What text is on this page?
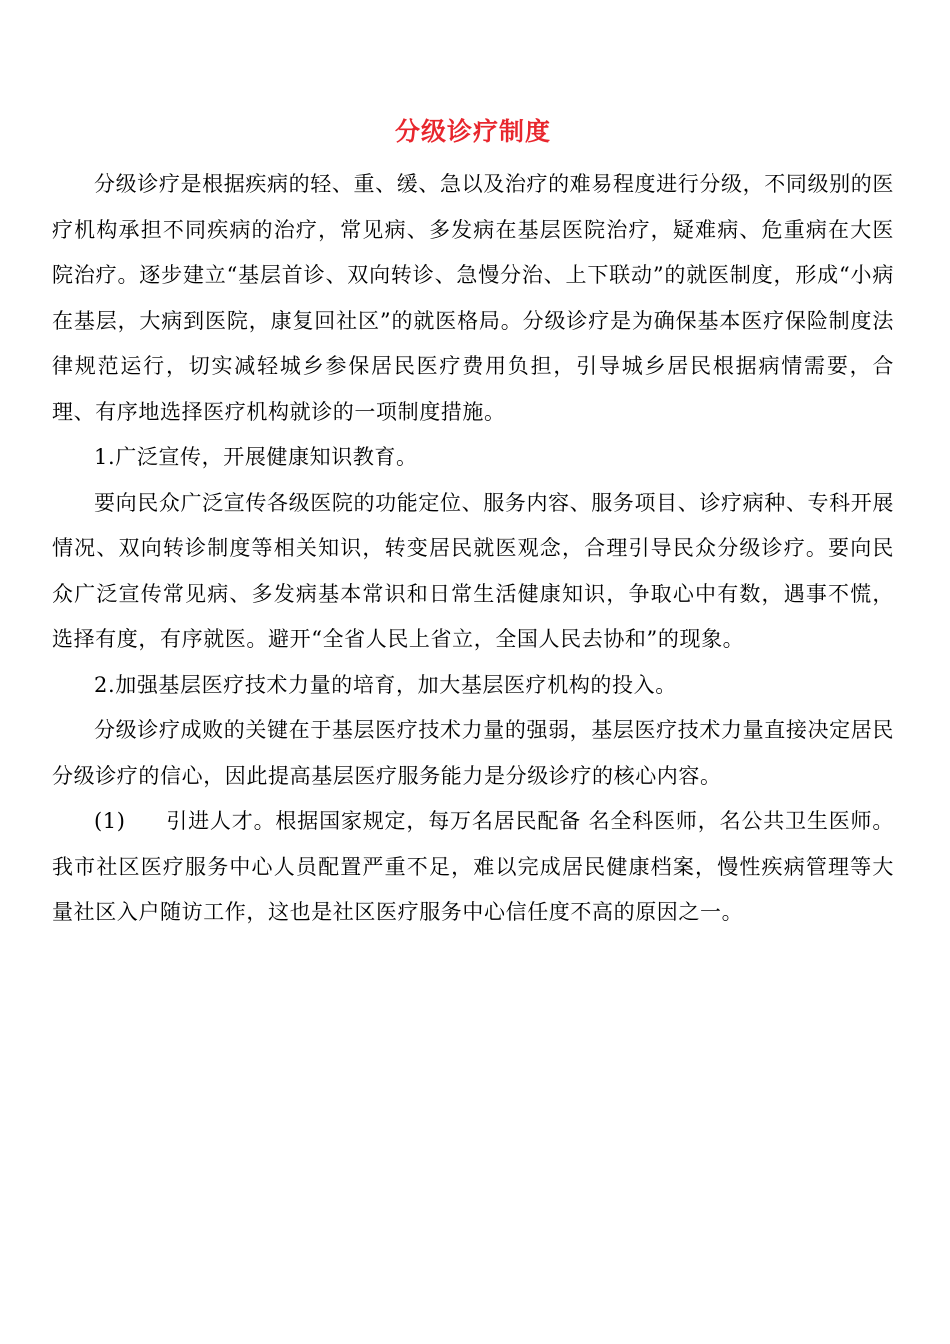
分级诊疗制度

分级诊疗是根据疾病的轻、重、缓、急以及治疗的难易程度进行分级，不同级别的医疗机构承担不同疾病的治疗，常见病、多发病在基层医院治疗，疑难病、危重病在大医院治疗。逐步建立“基层首诊、双向转诊、急慢分治、上下联动”的就医制度，形成“小病在基层，大病到医院，康复回社区”的就医格局。分级诊疗是为确保基本医疗保险制度法律规范运行，切实减轻城乡参保居民医疗费用负担，引导城乡居民根据病情需要，合理、有序地选择医疗机构就诊的一项制度措施。

1.广泛宣传，开展健康知识教育。

要向民众广泛宣传各级医院的功能定位、服务内容、服务项目、诊疗病种、专科开展情况、双向转诊制度等相关知识，转变居民就医观念，合理引导民众分级诊疗。要向民众广泛宣传常见病、多发病基本常识和日常生活健康知识，争取心中有数，遇事不慌，选择有度，有序就医。避开“全省人民上省立，全国人民去协和”的现象。

2.加强基层医疗技术力量的培育，加大基层医疗机构的投入。

分级诊疗成败的关键在于基层医疗技术力量的强弱，基层医疗技术力量直接决定居民分级诊疗的信心，因此提高基层医疗服务能力是分级诊疗的核心内容。

(1) 引进人才。根据国家规定，每万名居民配备 名全科医师，名公共卫生医师。我市社区医疗服务中心人员配置严重不足，难以完成居民健康档案，慢性疾病管理等大量社区入户随访工作，这也是社区医疗服务中心信任度不高的原因之一。
